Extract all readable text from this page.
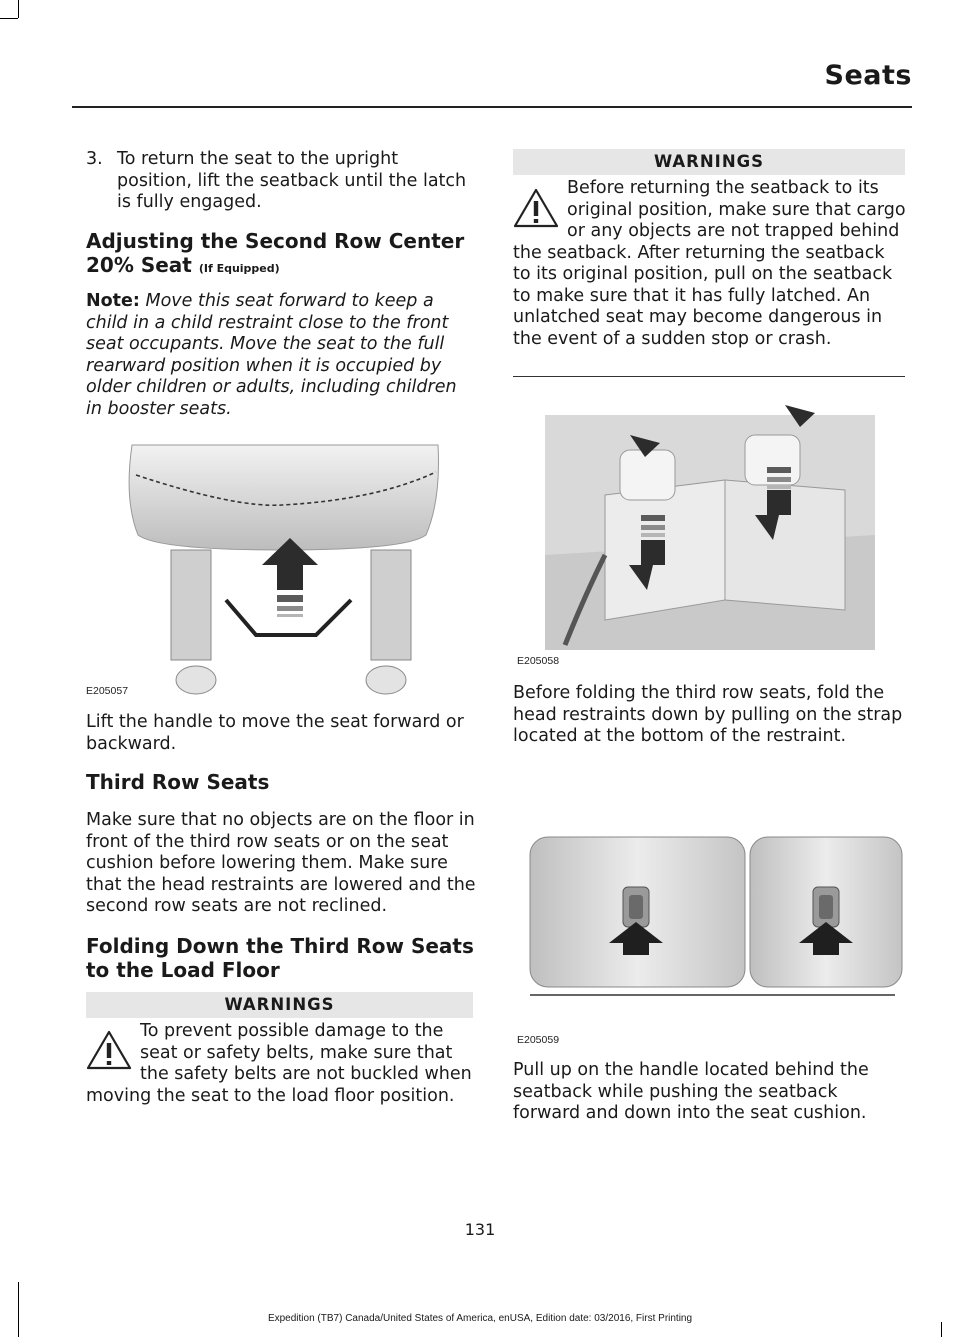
Seats
3. To return the seat to the upright position, lift the seatback until the latch is fully engaged.
Adjusting the Second Row Center 20% Seat (If Equipped)
Note: Move this seat forward to keep a child in a child restraint close to the front seat occupants. Move the seat to the full rearward position when it is occupied by older children or adults, including children in booster seats.
E205057
Lift the handle to move the seat forward or backward.
Third Row Seats
Make sure that no objects are on the floor in front of the third row seats or on the seat cushion before lowering them. Make sure that the head restraints are lowered and the second row seats are not reclined.
Folding Down the Third Row Seats to the Load Floor
WARNINGS
To prevent possible damage to the seat or safety belts, make sure that the safety belts are not buckled when moving the seat to the load floor position.
WARNINGS
Before returning the seatback to its original position, make sure that cargo or any objects are not trapped behind the seatback. After returning the seatback to its original position, pull on the seatback to make sure that it has fully latched. An unlatched seat may become dangerous in the event of a sudden stop or crash.
E205058
Before folding the third row seats, fold the head restraints down by pulling on the strap located at the bottom of the restraint.
E205059
Pull up on the handle located behind the seatback while pushing the seatback forward and down into the seat cushion.
131
Expedition (TB7) Canada/United States of America, enUSA, Edition date: 03/2016, First Printing
